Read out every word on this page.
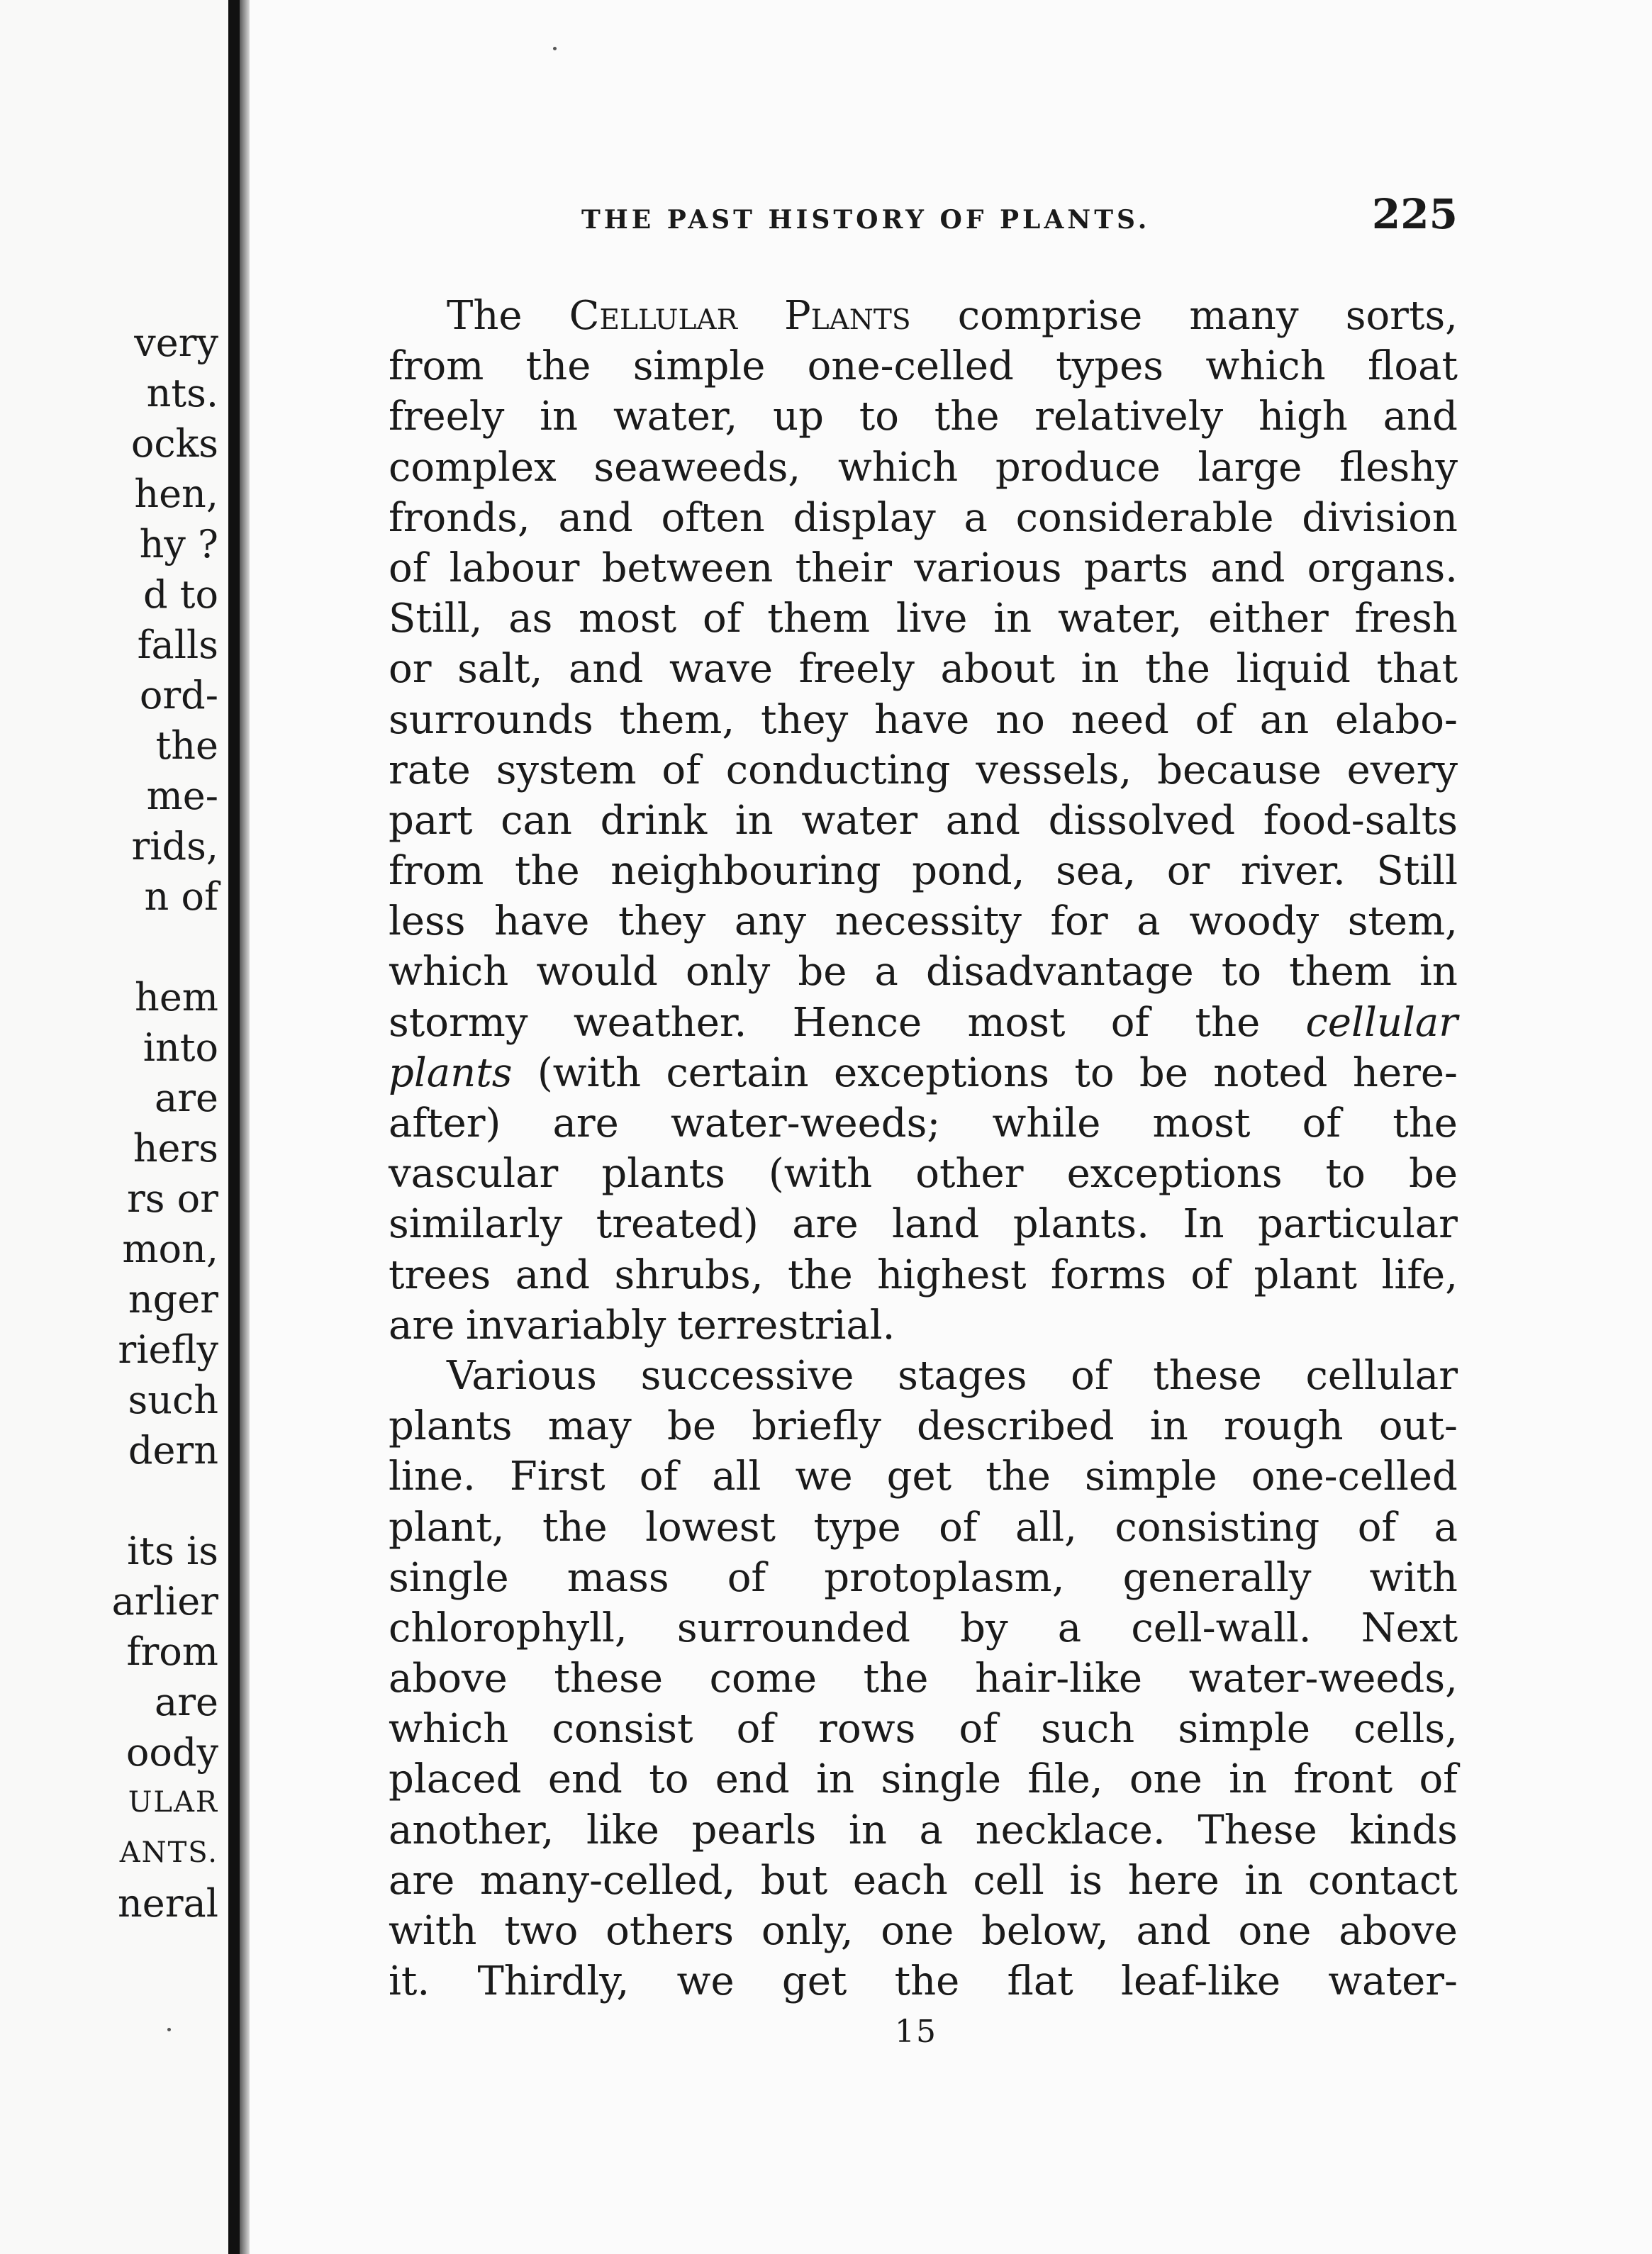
very
nts.
ocks
hen,
hy ?
d to
falls
ord-
the
me-
rids,
n of
hem
into
are
hers
rs or
mon,
nger
riefly
such
dern
its is
arlier
from
are
oody
ULAR
ANTS.
neral
THE PAST HISTORY OF PLANTS.	225
The Cellular Plants comprise many sorts,
from the simple one-celled types which float
freely in water, up to the relatively high and
complex seaweeds, which produce large fleshy
fronds, and often display a considerable division
of labour between their various parts and organs.
Still, as most of them live in water, either fresh
or salt, and wave freely about in the liquid that
surrounds them, they have no need of an elabo-
rate system of conducting vessels, because every
part can drink in water and dissolved food-salts
from the neighbouring pond, sea, or river. Still
less have they any necessity for a woody stem,
which would only be a disadvantage to them in
stormy weather. Hence most of the cellular
plants (with certain exceptions to be noted here-
after) are water-weeds; while most of the
vascular plants (with other exceptions to be
similarly treated) are land plants. In particular
trees and shrubs, the highest forms of plant life,
are invariably terrestrial.
Various successive stages of these cellular
plants may be briefly described in rough out-
line. First of all we get the simple one-celled
plant, the lowest type of all, consisting of a
single mass of protoplasm, generally with
chlorophyll, surrounded by a cell-wall. Next
above these come the hair-like water-weeds,
which consist of rows of such simple cells,
placed end to end in single file, one in front of
another, like pearls in a necklace. These kinds
are many-celled, but each cell is here in contact
with two others only, one below, and one above
it. Thirdly, we get the flat leaf-like water-
15
